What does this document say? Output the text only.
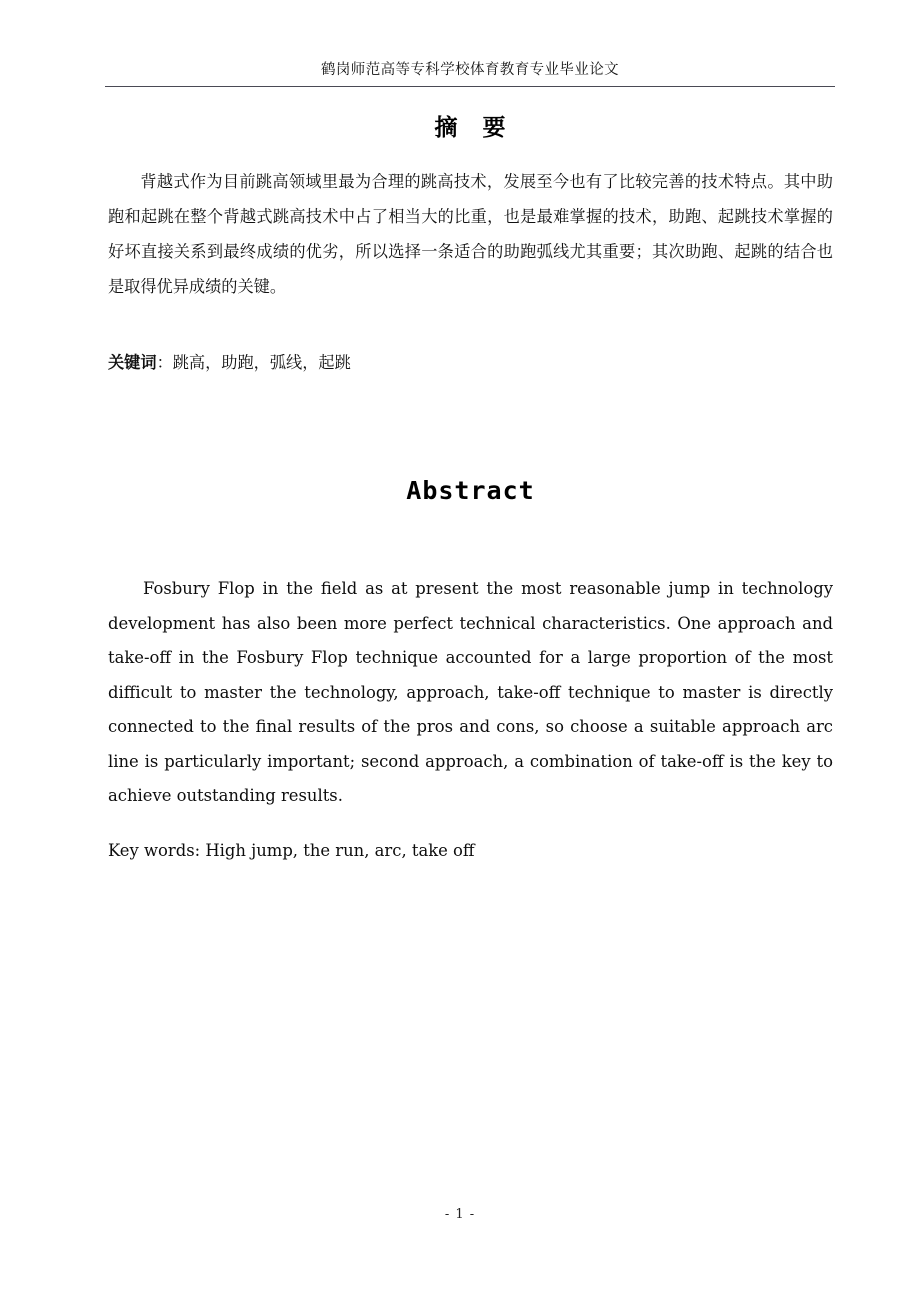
鹤岗师范高等专科学校体育教育专业毕业论文
摘　要

背越式作为目前跳高领域里最为合理的跳高技术，发展至今也有了比较完善的技术特点。其中助跑和起跳在整个背越式跳高技术中占了相当大的比重，也是最难掌握的技术，助跑、起跳技术掌握的好坏直接关系到最终成绩的优劣，所以选择一条适合的助跑弧线尤其重要；其次助跑、起跳的结合也是取得优异成绩的关键。

关键词：跳高，助跑，弧线，起跳

Abstract

Fosbury Flop in the field as at present the most reasonable jump in technology development has also been more perfect technical characteristics. One approach and take-off in the Fosbury Flop technique accounted for a large proportion of the most difficult to master the technology, approach, take-off technique to master is directly connected to the final results of the pros and cons, so choose a suitable approach arc line is particularly important; second approach, a combination of take-off is the key to achieve outstanding results.

Key words: High jump, the run, arc, take off

- 1 -
